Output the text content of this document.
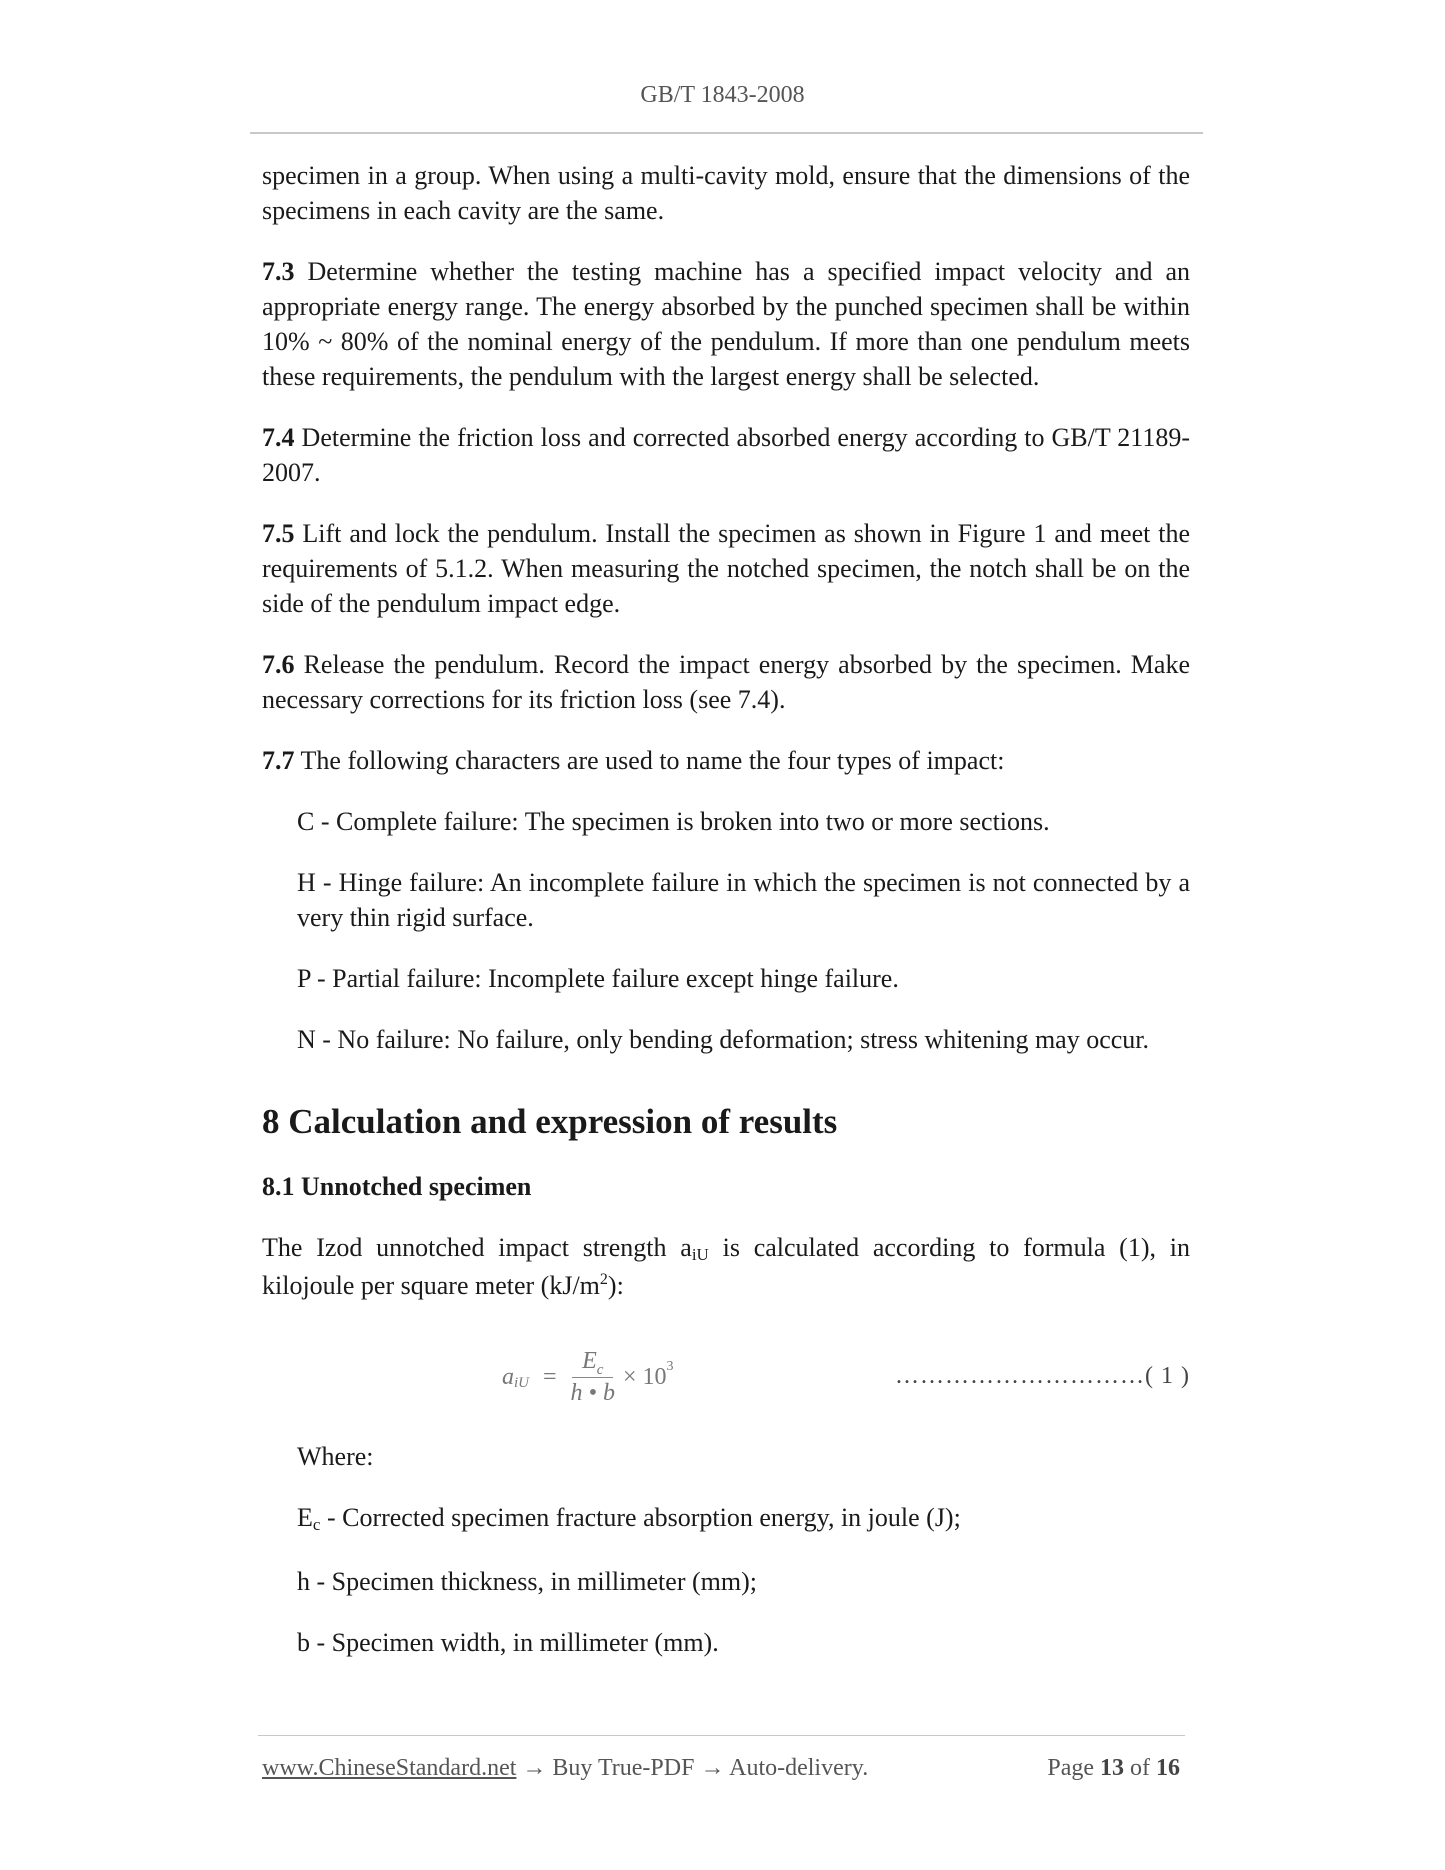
GB/T 1843-2008

specimen in a group. When using a multi-cavity mold, ensure that the dimensions of the specimens in each cavity are the same.

7.3 Determine whether the testing machine has a specified impact velocity and an appropriate energy range. The energy absorbed by the punched specimen shall be within 10% ~ 80% of the nominal energy of the pendulum. If more than one pendulum meets these requirements, the pendulum with the largest energy shall be selected.

7.4 Determine the friction loss and corrected absorbed energy according to GB/T 21189-2007.

7.5 Lift and lock the pendulum. Install the specimen as shown in Figure 1 and meet the requirements of 5.1.2. When measuring the notched specimen, the notch shall be on the side of the pendulum impact edge.

7.6 Release the pendulum. Record the impact energy absorbed by the specimen. Make necessary corrections for its friction loss (see 7.4).

7.7 The following characters are used to name the four types of impact:

C - Complete failure: The specimen is broken into two or more sections.

H - Hinge failure: An incomplete failure in which the specimen is not connected by a very thin rigid surface.

P - Partial failure: Incomplete failure except hinge failure.

N - No failure: No failure, only bending deformation; stress whitening may occur.

8 Calculation and expression of results
8.1 Unnotched specimen

The Izod unnotched impact strength aiU is calculated according to formula (1), in kilojoule per square meter $(kJ/m^2)$:

a iU = $\frac{E_c}{h • b} \times 10$ 3	…………………………( 1 )

Where:

Ec - Corrected specimen fracture absorption energy, in joule (J);

h - Specimen thickness, in millimeter (mm);

b - Specimen width, in millimeter (mm).

www.ChineseStandard.net → Buy True-PDF → Auto-delivery.	Page 13 of 16
